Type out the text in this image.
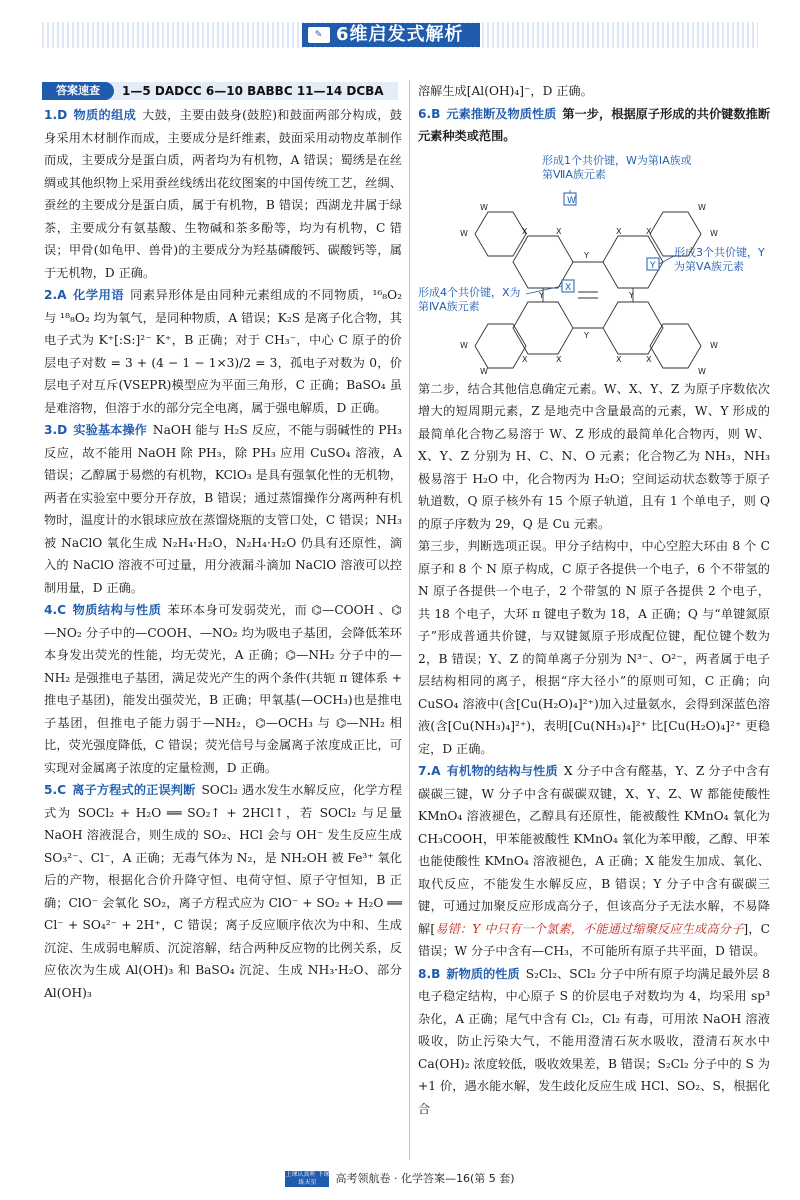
✎ 6维启发式解析
答案速查	1—5 DADCC 6—10 BABBC 11—14 DCBA

1.D 物质的组成 大鼓，主要由鼓身(鼓腔)和鼓面两部分构成，鼓身采用木材制作而成，主要成分是纤维素，鼓面采用动物皮革制作而成，主要成分是蛋白质，两者均为有机物，A 错误；蜀绣是在丝绸或其他织物上采用蚕丝线绣出花纹图案的中国传统工艺，丝绸、蚕丝的主要成分是蛋白质，属于有机物，B 错误；西湖龙井属于绿茶，主要成分有氨基酸、生物碱和茶多酚等，均为有机物，C 错误；甲骨(如龟甲、兽骨)的主要成分为羟基磷酸钙、碳酸钙等，属于无机物，D 正确。

2.A 化学用语 同素异形体是由同种元素组成的不同物质，¹⁶₈O₂ 与 ¹⁸₈O₂ 均为氧气，是同种物质，A 错误；K₂S 是离子化合物，其电子式为 K⁺[:S:]²⁻ K⁺，B 正确；对于 CH₃⁻，中心 C 原子的价层电子对数 = 3 + (4 − 1 − 1×3)/2 = 3，孤电子对数为 0，价层电子对互斥(VSEPR)模型应为平面三角形，C 正确；BaSO₄ 虽是难溶物，但溶于水的部分完全电离，属于强电解质，D 正确。

3.D 实验基本操作 NaOH 能与 H₂S 反应，不能与弱碱性的 PH₃ 反应，故不能用 NaOH 除 PH₃，除 PH₃ 应用 CuSO₄ 溶液，A 错误；乙醇属于易燃的有机物，KClO₃ 是具有强氧化性的无机物，两者在实验室中要分开存放，B 错误；通过蒸馏操作分离两种有机物时，温度计的水银球应放在蒸馏烧瓶的支管口处，C 错误；NH₃ 被 NaClO 氧化生成 N₂H₄·H₂O，N₂H₄·H₂O 仍具有还原性，滴入的 NaClO 溶液不可过量，用分液漏斗滴加 NaClO 溶液可以控制用量，D 正确。

4.C 物质结构与性质 苯环本身可发弱荧光，而 ⌬—COOH 、⌬—NO₂ 分子中的—COOH、—NO₂ 均为吸电子基团，会降低苯环本身发出荧光的性能，均无荧光，A 正确；⌬—NH₂ 分子中的—NH₂ 是强推电子基团，满足荧光产生的两个条件(共轭 π 键体系 + 推电子基团)，能发出强荧光，B 正确；甲氧基(—OCH₃)也是推电子基团，但推电子能力弱于—NH₂，⌬—OCH₃ 与 ⌬—NH₂ 相比，荧光强度降低，C 错误；荧光信号与金属离子浓度成正比，可实现对金属离子浓度的定量检测，D 正确。

5.C 离子方程式的正误判断 SOCl₂ 遇水发生水解反应，化学方程式为 SOCl₂ + H₂O ══ SO₂↑ + 2HCl↑，若 SOCl₂ 与足量 NaOH 溶液混合，则生成的 SO₂、HCl 会与 OH⁻ 发生反应生成 SO₃²⁻、Cl⁻，A 正确；无毒气体为 N₂，是 NH₂OH 被 Fe³⁺ 氧化后的产物，根据化合价升降守恒、电荷守恒、原子守恒知，B 正确；ClO⁻ 会氧化 SO₂，离子方程式应为 ClO⁻ + SO₂ + H₂O ══ Cl⁻ + SO₄²⁻ + 2H⁺，C 错误；离子反应顺序依次为中和、生成沉淀、生成弱电解质、沉淀溶解，结合两种反应物的比例关系，反应依次为生成 Al(OH)₃ 和 BaSO₄ 沉淀、生成 NH₃·H₂O、部分 Al(OH)₃

溶解生成[Al(OH)₄]⁻，D 正确。

6.B 元素推断及物质性质 第一步，根据原子形成的共价键数推断元素种类或范围。

W	W
W	W
W	W
W	W
X	X	X	X
X	X	X	X
Y
Y
Y	Y
W
X
Y
形成1个共价键，W为第ⅠA族或第ⅦA族元素
形成4个共价键，X为第ⅣA族元素
形成3个共价键，Y为第ⅤA族元素

第二步，结合其他信息确定元素。W、X、Y、Z 为原子序数依次增大的短周期元素，Z 是地壳中含量最高的元素，W、Y 形成的最简单化合物乙易溶于 W、Z 形成的最简单化合物丙，则 W、X、Y、Z 分别为 H、C、N、O 元素；化合物乙为 NH₃，NH₃ 极易溶于 H₂O 中，化合物丙为 H₂O；空间运动状态数等于原子轨道数，Q 原子核外有 15 个原子轨道，且有 1 个单电子，则 Q 的原子序数为 29，Q 是 Cu 元素。

第三步，判断选项正误。甲分子结构中，中心空腔大环由 8 个 C 原子和 8 个 N 原子构成，C 原子各提供一个电子，6 个不带氢的 N 原子各提供一个电子，2 个带氢的 N 原子各提供 2 个电子，共 18 个电子，大环 π 键电子数为 18，A 正确；Q 与“单键氮原子”形成普通共价键，与双键氮原子形成配位键，配位键个数为 2，B 错误；Y、Z 的简单离子分别为 N³⁻、O²⁻，两者属于电子层结构相同的离子，根据“序大径小”的原则可知，C 正确；向 CuSO₄ 溶液中(含[Cu(H₂O)₄]²⁺)加入过量氨水，会得到深蓝色溶液(含[Cu(NH₃)₄]²⁺)，表明[Cu(NH₃)₄]²⁺ 比[Cu(H₂O)₄]²⁺ 更稳定，D 正确。

7.A 有机物的结构与性质 X 分子中含有醛基，Y、Z 分子中含有碳碳三键，W 分子中含有碳碳双键，X、Y、Z、W 都能使酸性 KMnO₄ 溶液褪色，乙醇具有还原性，能被酸性 KMnO₄ 氧化为 CH₃COOH，甲苯能被酸性 KMnO₄ 氧化为苯甲酸，乙醇、甲苯也能使酸性 KMnO₄ 溶液褪色，A 正确；X 能发生加成、氧化、取代反应，不能发生水解反应，B 错误；Y 分子中含有碳碳三键，可通过加聚反应形成高分子，但该高分子无法水解，不易降解[易错：Y 中只有一个氯素，不能通过缩聚反应生成高分子]，C 错误；W 分子中含有—CH₃，不可能所有原子共平面，D 错误。

8.B 新物质的性质 S₂Cl₂、SCl₂ 分子中所有原子均满足最外层 8 电子稳定结构，中心原子 S 的价层电子对数均为 4，均采用 sp³ 杂化，A 正确；尾气中含有 Cl₂，Cl₂ 有毒，可用浓 NaOH 溶液吸收，防止污染大气，不能用澄清石灰水吸收，澄清石灰水中 Ca(OH)₂ 浓度较低，吸收效果差，B 错误；S₂Cl₂ 分子中的 S 为 +1 价，遇水能水解，发生歧化反应生成 HCl、SO₂、S，根据化合

上课认真听 下课练天星 高考领航卷 · 化学答案—16(第 5 套)
